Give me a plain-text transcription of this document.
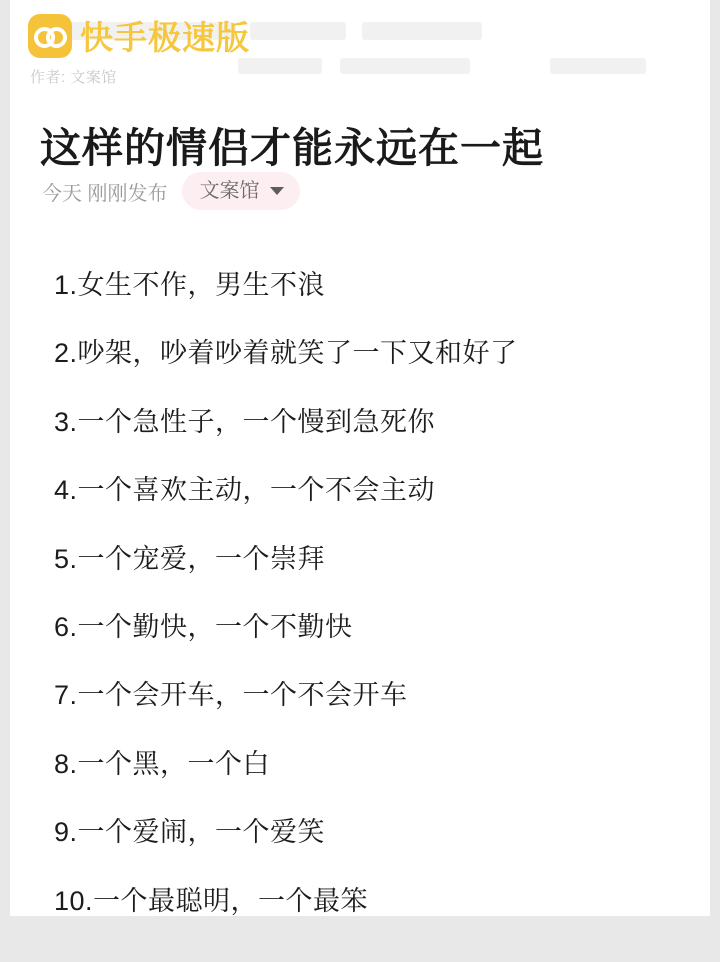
快手极速版
作者: 文案馆
这样的情侣才能永远在一起
今天 刚刚发布 文案馆

1.女生不作，男生不浪

2.吵架，吵着吵着就笑了一下又和好了

3.一个急性子，一个慢到急死你

4.一个喜欢主动，一个不会主动

5.一个宠爱，一个崇拜

6.一个勤快，一个不勤快

7.一个会开车，一个不会开车

8.一个黑，一个白

9.一个爱闹，一个爱笑

10.一个最聪明，一个最笨
